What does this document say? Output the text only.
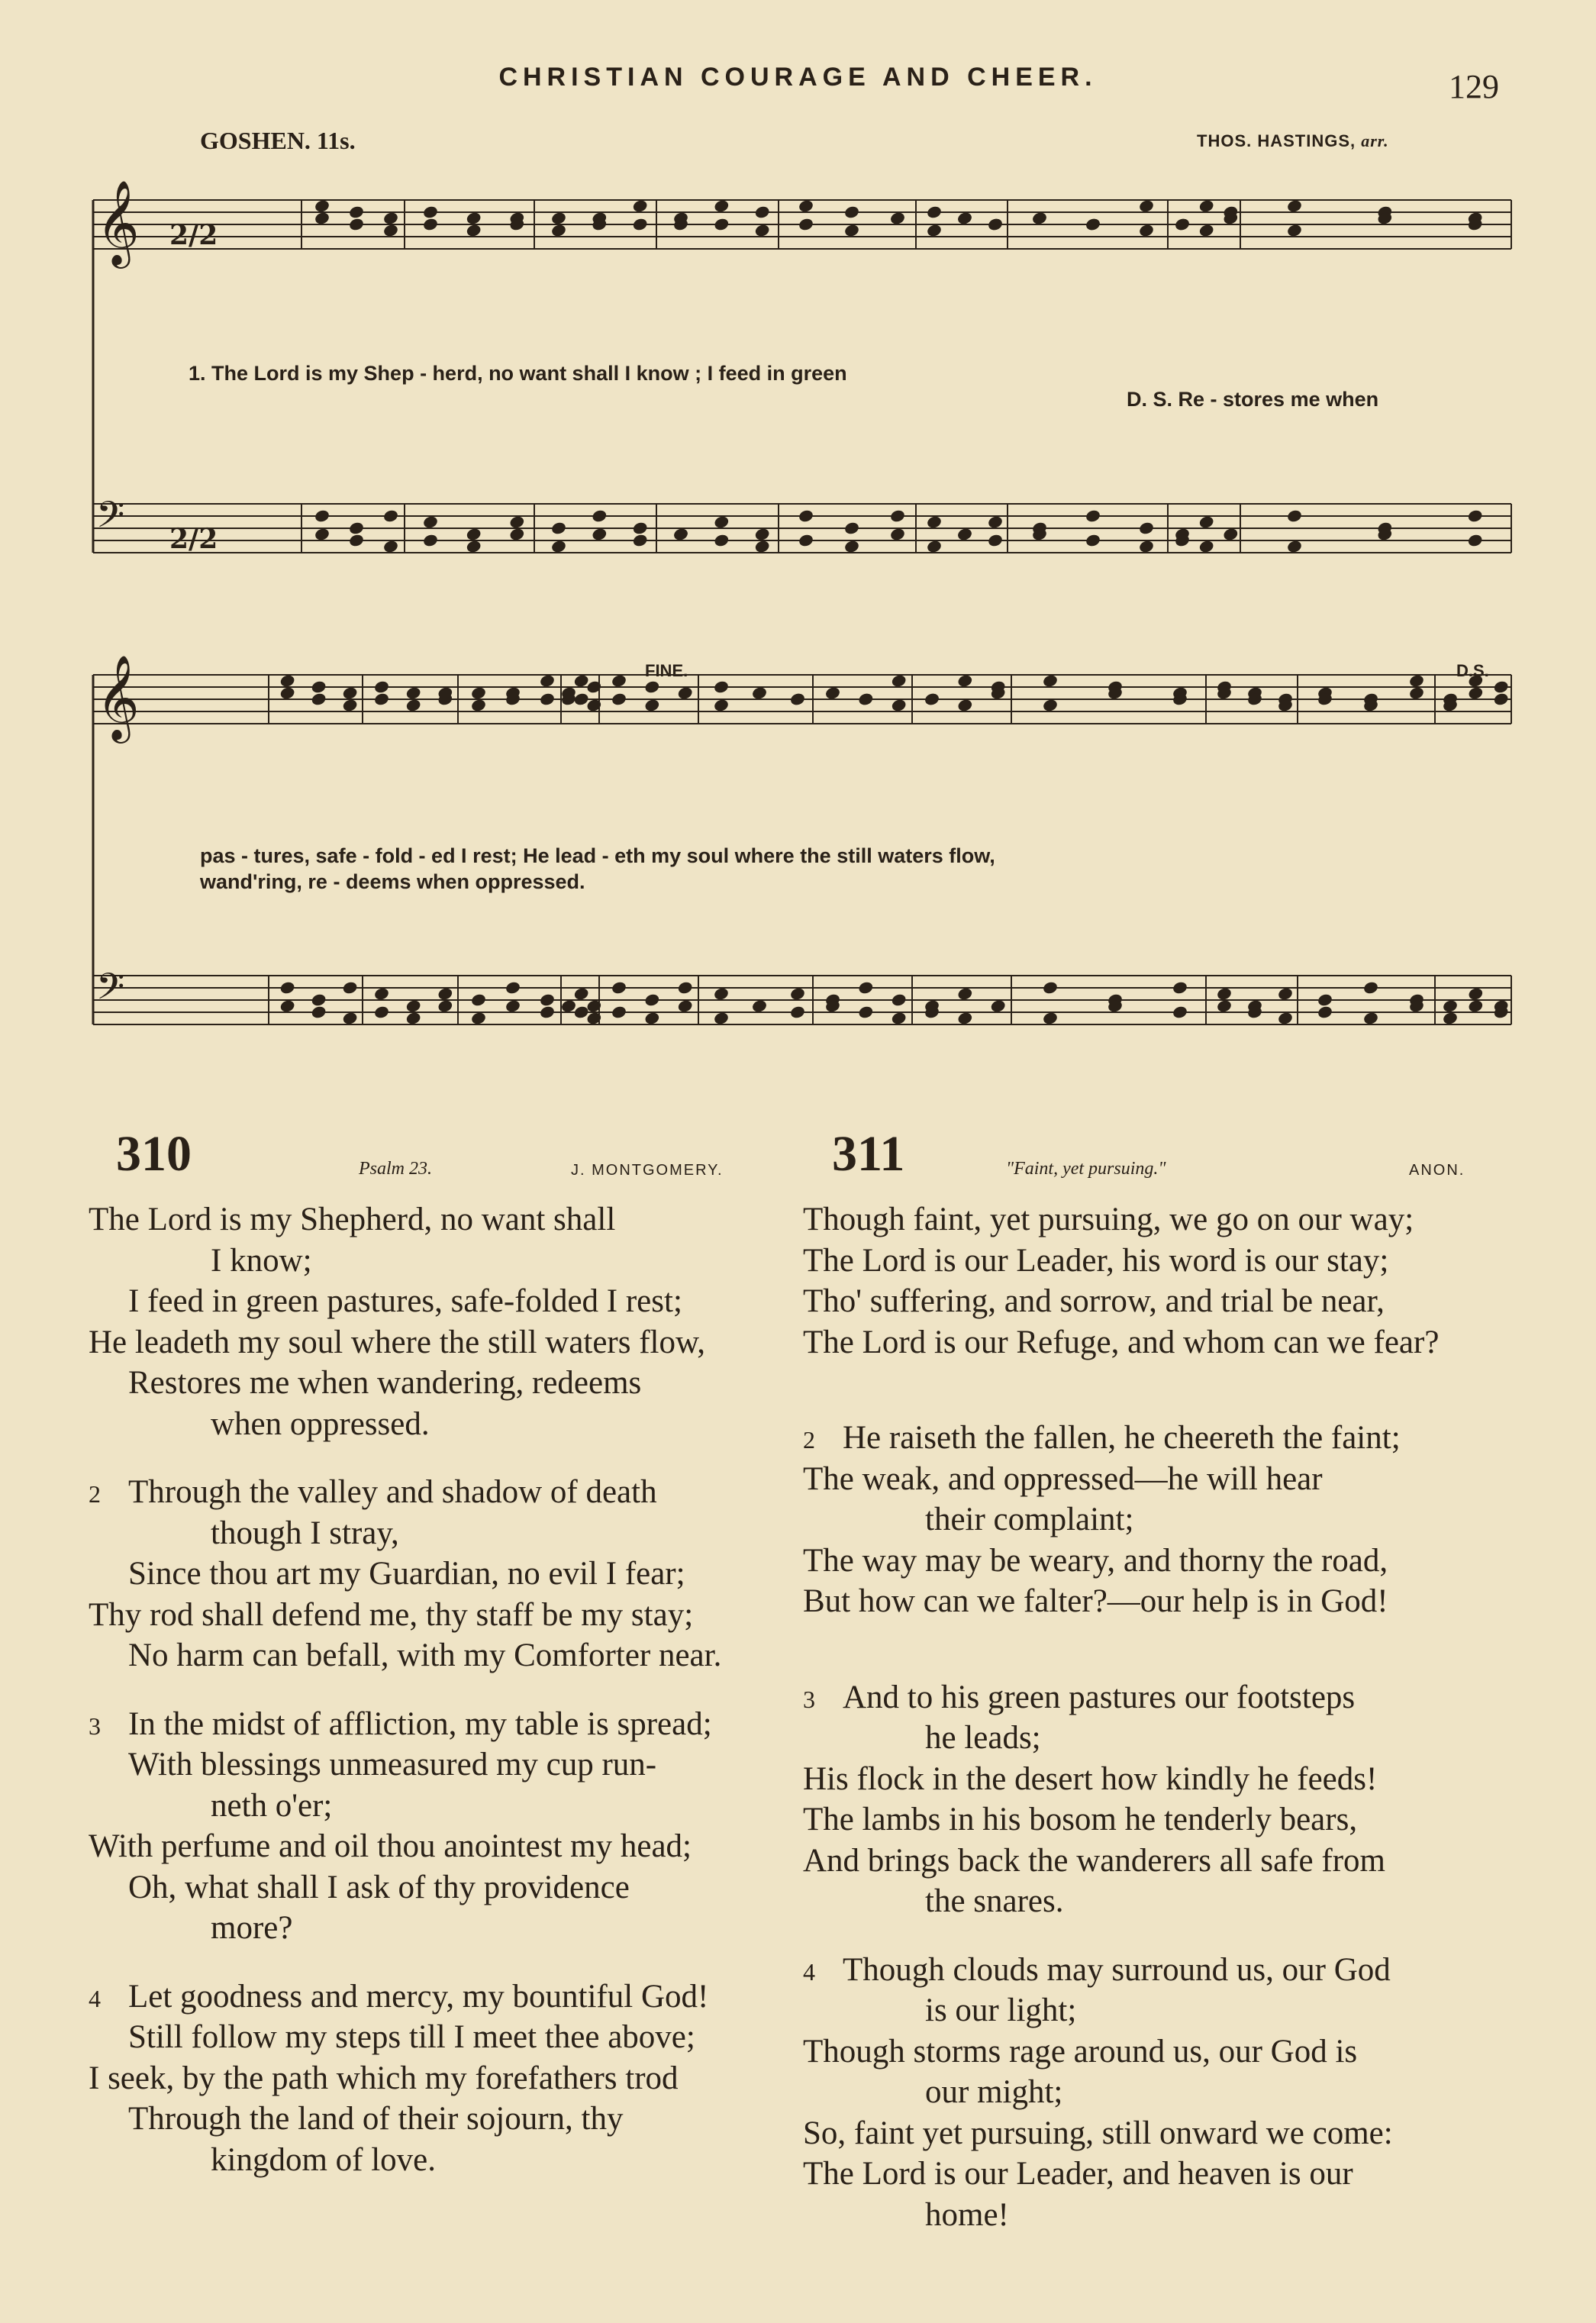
CHRISTIAN COURAGE AND CHEER.	129
GOSHEN. 11s.	THOS. HASTINGS, arr.
𝄞 2/2
𝄢 2/2
𝄞
𝄢
1. The Lord is my Shep - herd, no want shall I know ; I feed in green
D. S. Re - stores me when
pas - tures, safe - fold - ed I rest; He lead - eth my soul where the still waters flow,
wand'ring, re - deems when oppressed.
FINE.	D.S.
310	Psalm 23.	J. MONTGOMERY. 311	"Faint, yet pursuing."	ANON.
The Lord is my Shepherd, no want shall
I know;
I feed in green pastures, safe-folded I rest;
He leadeth my soul where the still waters flow,
Restores me when wandering, redeems
when oppressed.
2 Through the valley and shadow of death
though I stray,
Since thou art my Guardian, no evil I fear;
Thy rod shall defend me, thy staff be my stay;
No harm can befall, with my Comforter near.
3 In the midst of affliction, my table is spread;
With blessings unmeasured my cup run-
neth o'er;
With perfume and oil thou anointest my head;
Oh, what shall I ask of thy providence
more?
4 Let goodness and mercy, my bountiful God!
Still follow my steps till I meet thee above;
I seek, by the path which my forefathers trod
Through the land of their sojourn, thy
kingdom of love.
Though faint, yet pursuing, we go on our way;
The Lord is our Leader, his word is our stay;
Tho' suffering, and sorrow, and trial be near,
The Lord is our Refuge, and whom can we fear?
2 He raiseth the fallen, he cheereth the faint;
The weak, and oppressed—he will hear
their complaint;
The way may be weary, and thorny the road,
But how can we falter?—our help is in God!
3 And to his green pastures our footsteps
he leads;
His flock in the desert how kindly he feeds!
The lambs in his bosom he tenderly bears,
And brings back the wanderers all safe from
the snares.
4 Though clouds may surround us, our God
is our light;
Though storms rage around us, our God is
our might;
So, faint yet pursuing, still onward we come:
The Lord is our Leader, and heaven is our
home!
